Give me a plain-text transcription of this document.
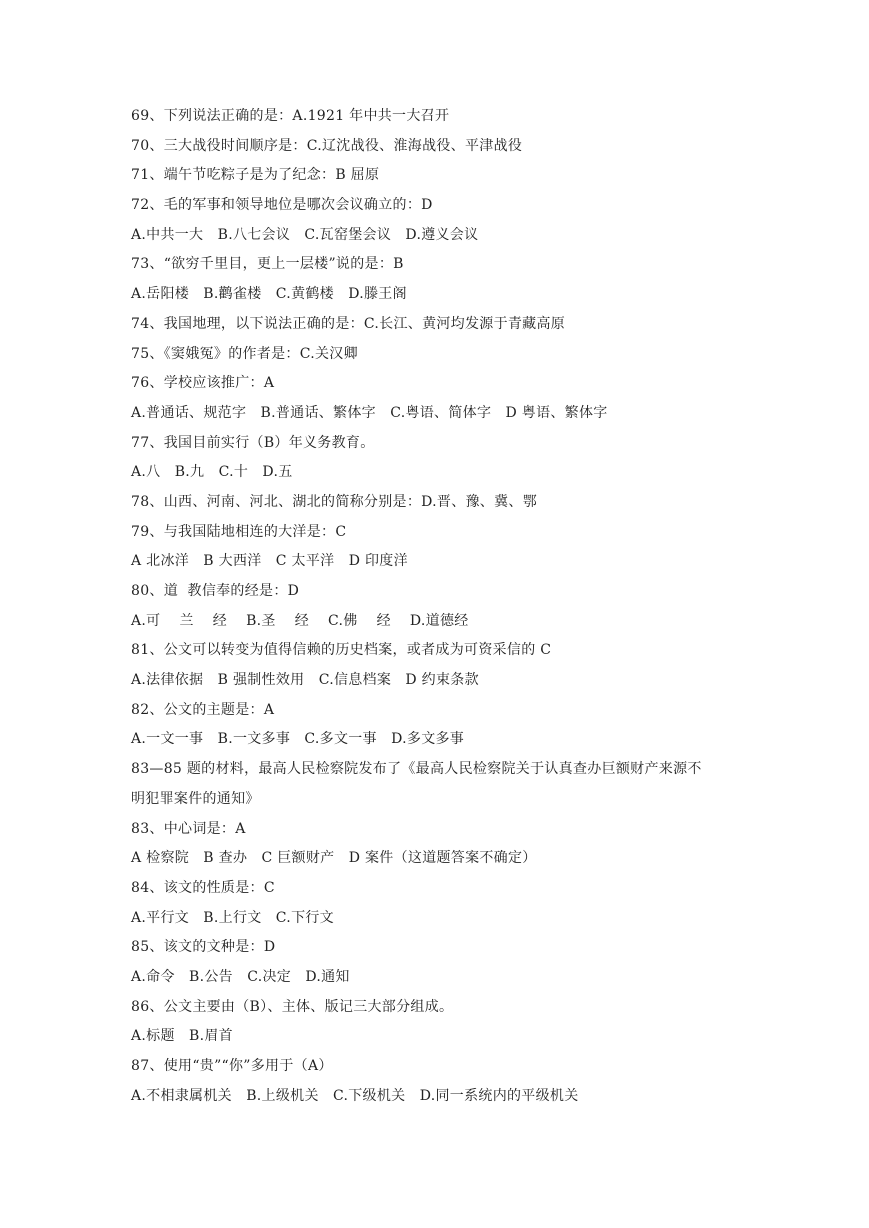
69、下列说法正确的是：A.1921 年中共一大召开
70、三大战役时间顺序是：C.辽沈战役、淮海战役、平津战役
71、端午节吃粽子是为了纪念：B 屈原
72、毛的军事和领导地位是哪次会议确立的：D
A.中共一大   B.八七会议   C.瓦窑堡会议   D.遵义会议
73、“欲穷千里目，更上一层楼”说的是：B
A.岳阳楼   B.鹳雀楼   C.黄鹤楼   D.滕王阁
74、我国地理，以下说法正确的是：C.长江、黄河均发源于青藏高原
75、《窦娥冤》的作者是：C.关汉卿
76、学校应该推广：A
A.普通话、规范字   B.普通话、繁体字   C.粤语、简体字   D 粤语、繁体字
77、我国目前实行（B）年义务教育。
A.八   B.九   C.十   D.五
78、山西、河南、河北、湖北的简称分别是：D.晋、豫、冀、鄂
79、与我国陆地相连的大洋是：C
A 北冰洋   B 大西洋   C 太平洋   D 印度洋
80、道  教信奉的经是：D
A.可    兰    经    B.圣    经    C.佛    经    D.道德经
81、公文可以转变为值得信赖的历史档案，或者成为可资采信的 C
A.法律依据   B 强制性效用   C.信息档案   D 约束条款
82、公文的主题是：A
A.一文一事   B.一文多事   C.多文一事   D.多文多事
83—85 题的材料，最高人民检察院发布了《最高人民检察院关于认真查办巨额财产来源不
明犯罪案件的通知》
83、中心词是：A
A 检察院   B 查办   C 巨额财产   D 案件（这道题答案不确定）
84、该文的性质是：C
A.平行文   B.上行文   C.下行文
85、该文的文种是：D
A.命令   B.公告   C.决定   D.通知
86、公文主要由（B）、主体、版记三大部分组成。
A.标题   B.眉首
87、使用“贵”“你”多用于（A）
A.不相隶属机关   B.上级机关   C.下级机关   D.同一系统内的平级机关
